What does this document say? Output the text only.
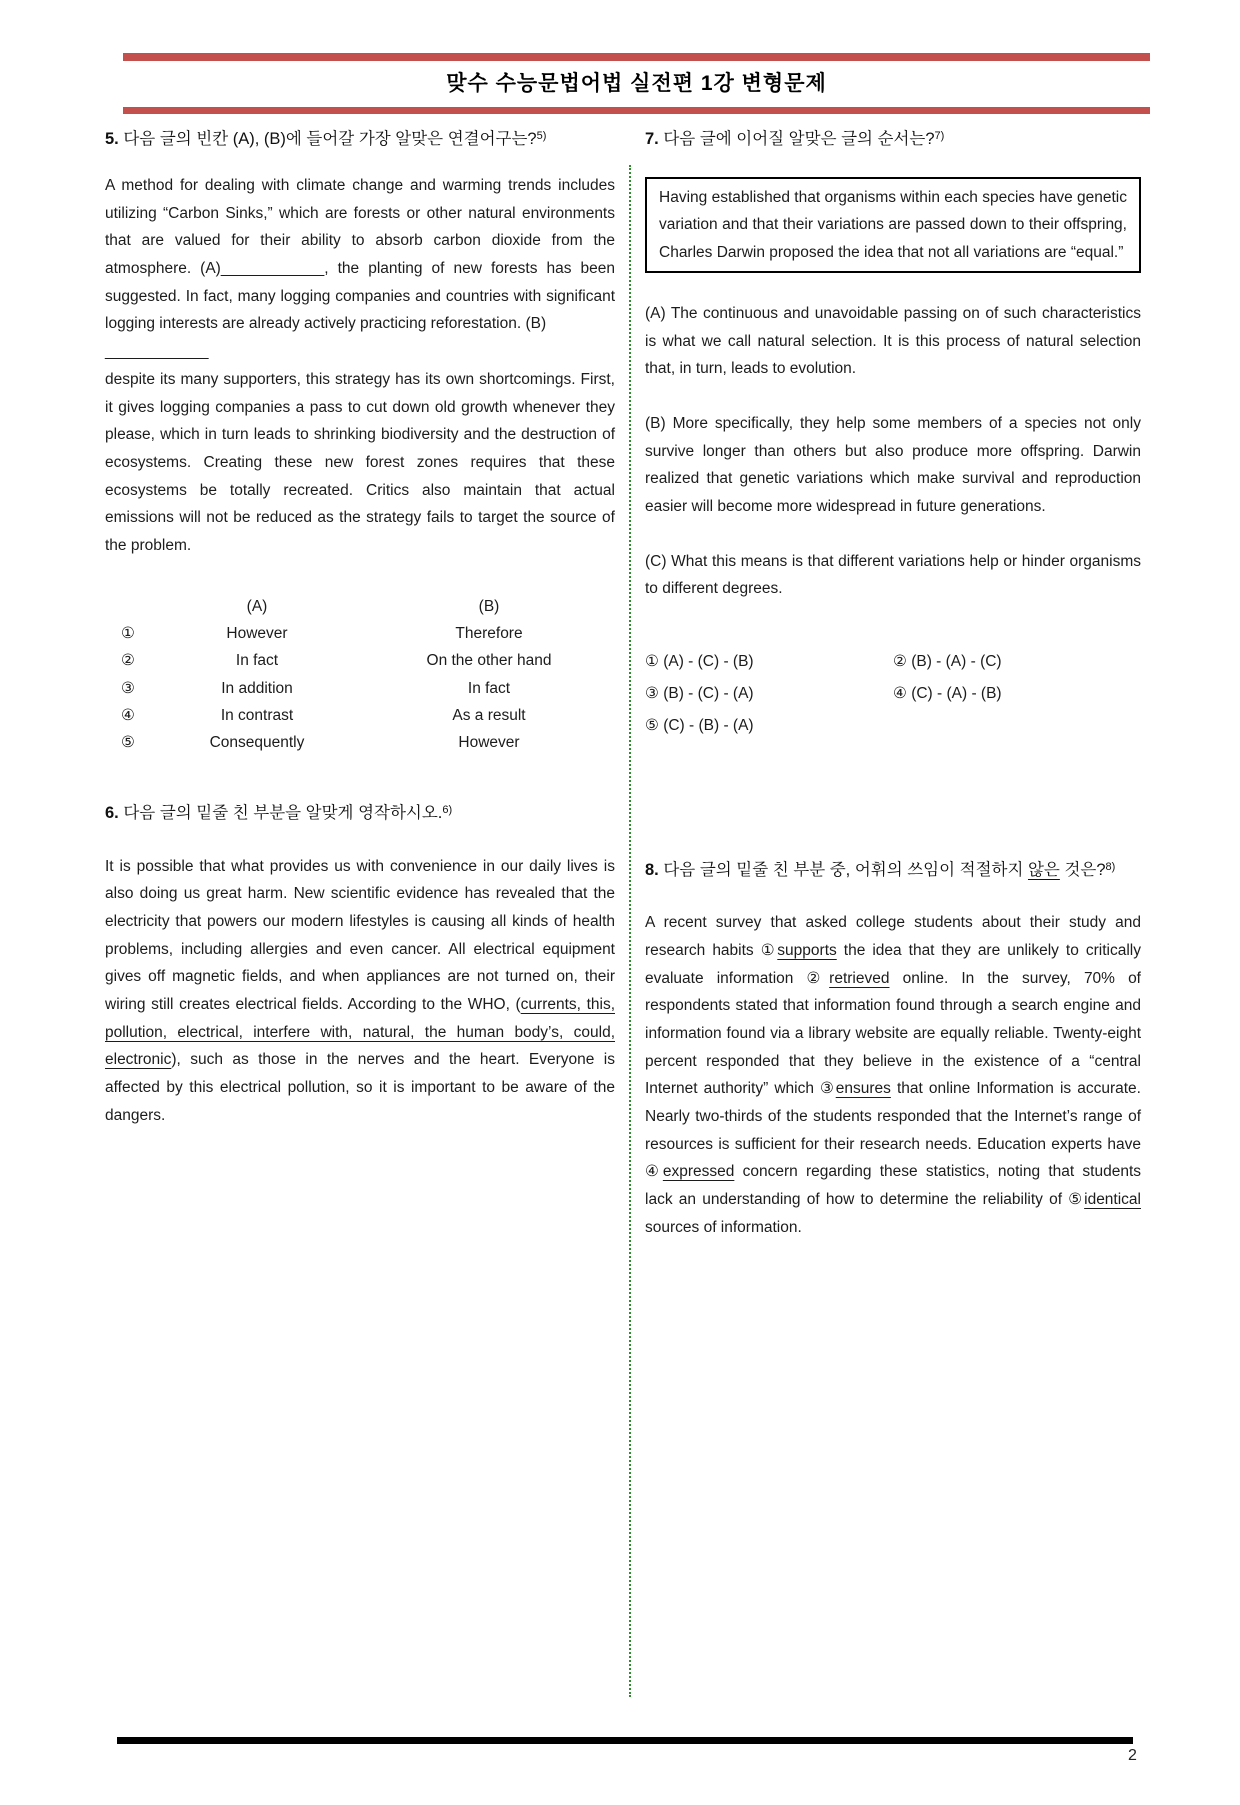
맞수 수능문법어법 실전편 1강 변형문제
5. 다음 글의 빈칸 (A), (B)에 들어갈 가장 알맞은 연결어구는?$^{5)}$

A method for dealing with climate change and warming trends includes utilizing “Carbon Sinks,” which are forests or other natural environments that are valued for their ability to absorb carbon dioxide from the atmosphere. (A)____________, the planting of new forests has been suggested. In fact, many logging companies and countries with significant logging interests are already actively practicing reforestation. (B)

____________

despite its many supporters, this strategy has its own shortcomings. First, it gives logging companies a pass to cut down old growth whenever they please, which in turn leads to shrinking biodiversity and the destruction of ecosystems. Creating these new forest zones requires that these ecosystems be totally recreated. Critics also maintain that actual emissions will not be reduced as the strategy fails to target the source of the problem.

(A)	(B)
①	However	Therefore
②	In fact	On the other hand
③	In addition	In fact
④	In contrast	As a result
⑤	Consequently	However
6. 다음 글의 밑줄 친 부분을 알맞게 영작하시오.$^{6)}$

It is possible that what provides us with convenience in our daily lives is also doing us great harm. New scientific evidence has revealed that the electricity that powers our modern lifestyles is causing all kinds of health problems, including allergies and even cancer. All electrical equipment gives off magnetic fields, and when appliances are not turned on, their wiring still creates electrical fields. According to the WHO, (currents, this, pollution, electrical, interfere with, natural, the human body’s, could, electronic), such as those in the nerves and the heart. Everyone is affected by this electrical pollution, so it is important to be aware of the dangers.

7. 다음 글에 이어질 알맞은 글의 순서는?$^{7)}$

Having established that organisms within each species have genetic variation and that their variations are passed down to their offspring, Charles Darwin proposed the idea that not all variations are “equal.”

(A) The continuous and unavoidable passing on of such characteristics is what we call natural selection. It is this process of natural selection that, in turn, leads to evolution.

(B) More specifically, they help some members of a species not only survive longer than others but also produce more offspring. Darwin realized that genetic variations which make survival and reproduction easier will become more widespread in future generations.

(C) What this means is that different variations help or hinder organisms to different degrees.

① (A) - (C) - (B)	② (B) - (A) - (C)
③ (B) - (C) - (A)	④ (C) - (A) - (B)
⑤ (C) - (B) - (A)
8. 다음 글의 밑줄 친 부분 중, 어휘의 쓰임이 적절하지 않은 것은?$^{8)}$

A recent survey that asked college students about their study and research habits ①supports the idea that they are unlikely to critically evaluate information ②retrieved online. In the survey, 70% of respondents stated that information found through a search engine and information found via a library website are equally reliable. Twenty-eight percent responded that they believe in the existence of a “central Internet authority” which ③ensures that online Information is accurate. Nearly two-thirds of the students responded that the Internet’s range of resources is sufficient for their research needs. Education experts have ④expressed concern regarding these statistics, noting that students lack an understanding of how to determine the reliability of ⑤identical sources of information.

2
